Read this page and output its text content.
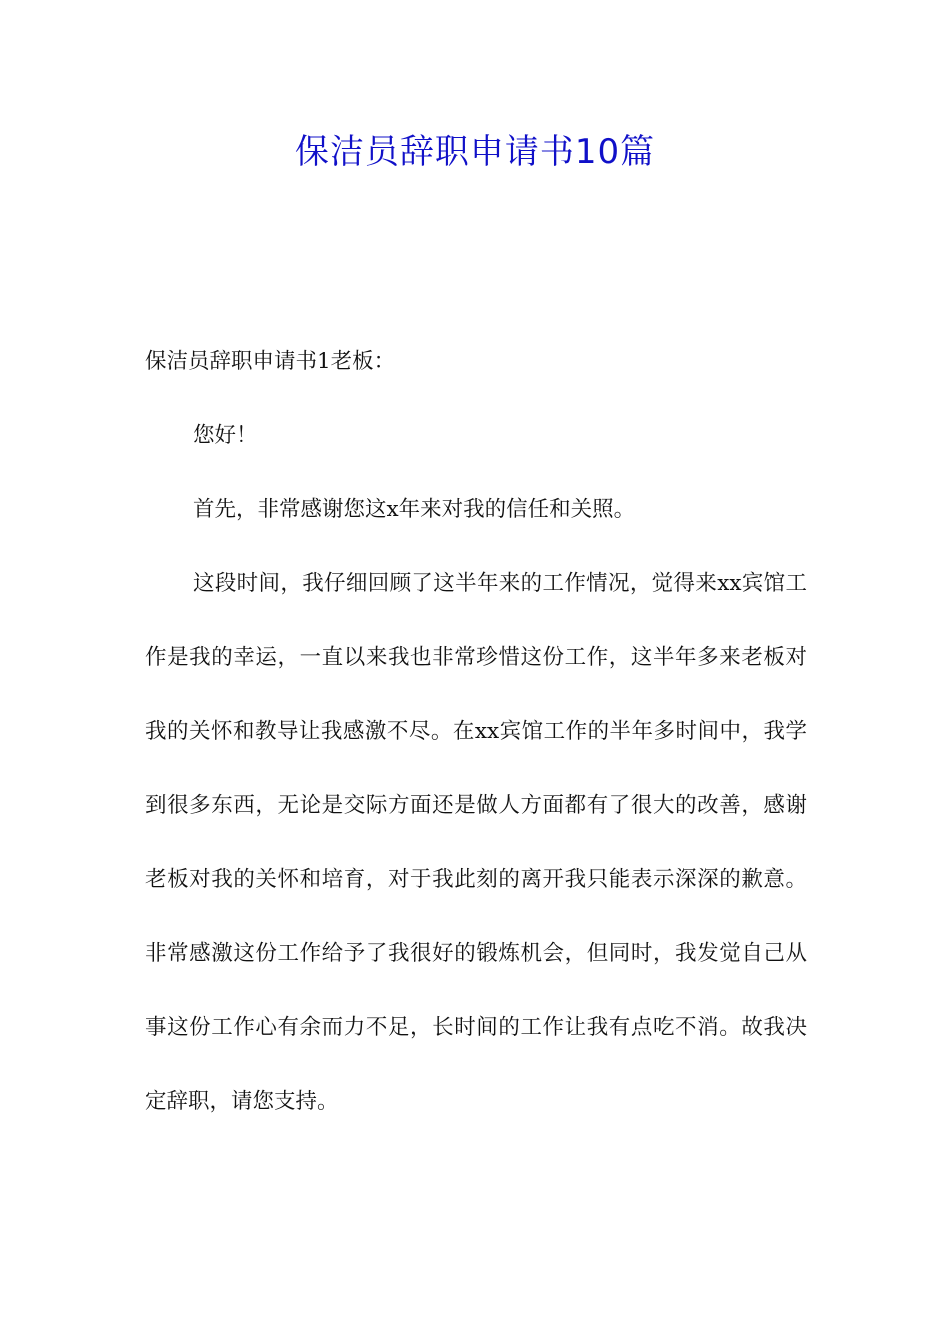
保洁员辞职申请书10篇

保洁员辞职申请书1老板：

您好！

首先，非常感谢您这x年来对我的信任和关照。

这段时间，我仔细回顾了这半年来的工作情况，觉得来xx宾馆工作是我的幸运，一直以来我也非常珍惜这份工作，这半年多来老板对我的关怀和教导让我感激不尽。在xx宾馆工作的半年多时间中，我学到很多东西，无论是交际方面还是做人方面都有了很大的改善，感谢老板对我的关怀和培育，对于我此刻的离开我只能表示深深的歉意。非常感激这份工作给予了我很好的锻炼机会，但同时，我发觉自己从事这份工作心有余而力不足，长时间的工作让我有点吃不消。故我决定辞职，请您支持。
